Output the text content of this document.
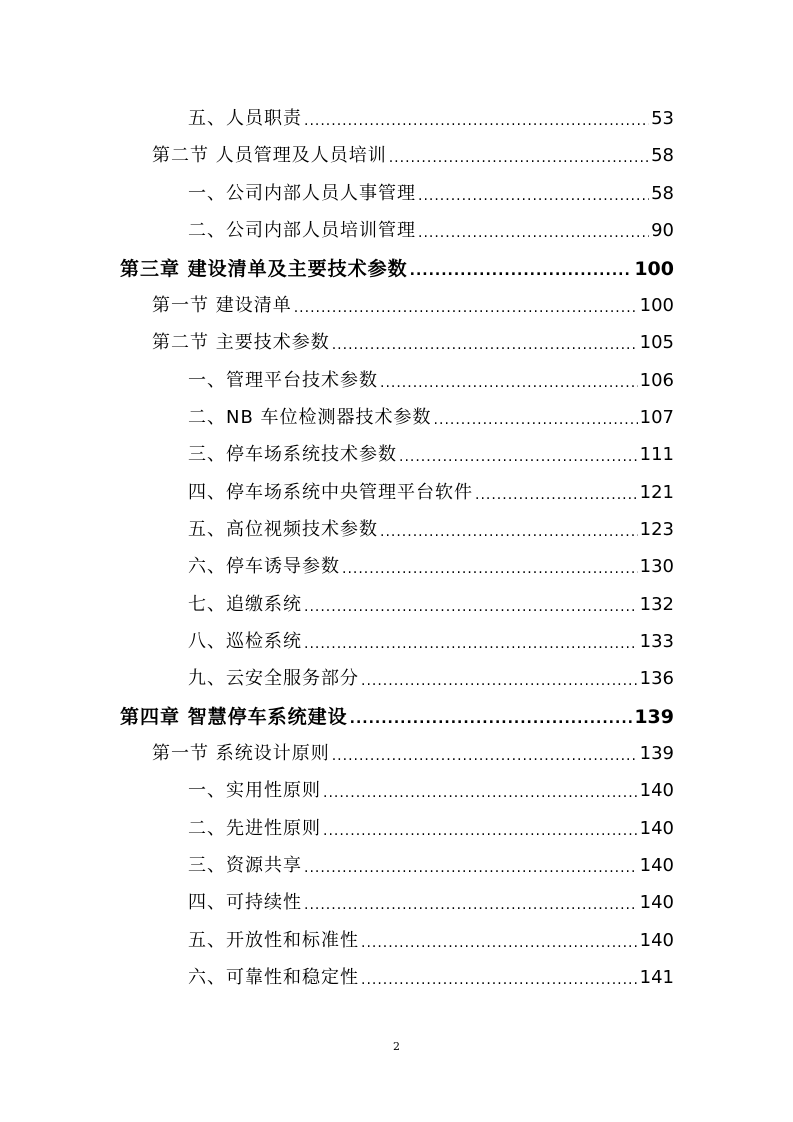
五、人员职责 .....	53
第二节 人员管理及人员培训 .....	58
一、公司内部人员人事管理 .....	58
二、公司内部人员培训管理 .....	90
第三章 建设清单及主要技术参数 .....	100
第一节 建设清单 .....	100
第二节 主要技术参数 .....	105
一、管理平台技术参数 .....	106
二、NB 车位检测器技术参数 .....	107
三、停车场系统技术参数 .....	111
四、停车场系统中央管理平台软件 .....	121
五、高位视频技术参数 .....	123
六、停车诱导参数 .....	130
七、追缴系统 .....	132
八、巡检系统 .....	133
九、云安全服务部分 .....	136
第四章 智慧停车系统建设 .....	139
第一节 系统设计原则 .....	139
一、实用性原则 .....	140
二、先进性原则 .....	140
三、资源共享 .....	140
四、可持续性 .....	140
五、开放性和标准性 .....	140
六、可靠性和稳定性 .....	141
2
